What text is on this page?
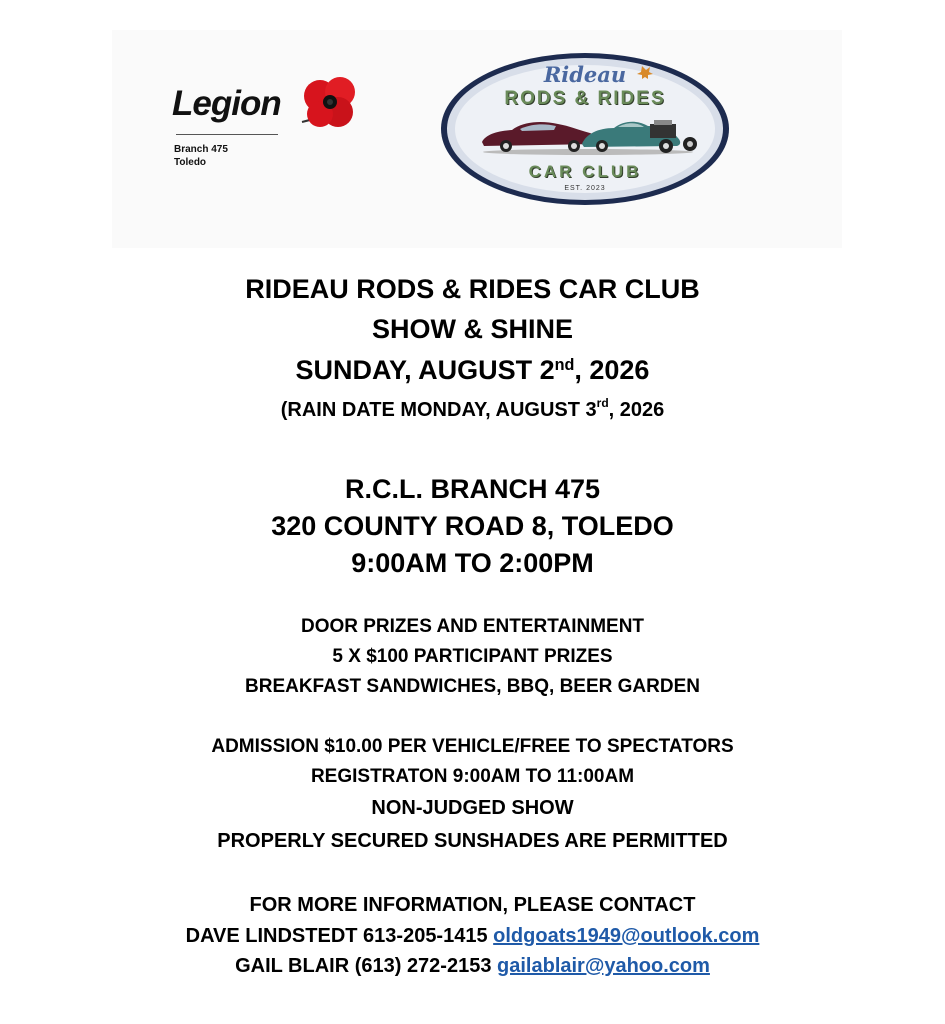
Legion
Branch 475
Toledo
Rideau
RODS & RIDES
CAR CLUB
EST. 2023
RIDEAU RODS & RIDES CAR CLUB
SHOW & SHINE
SUNDAY, AUGUST 2nd, 2026
(RAIN DATE MONDAY, AUGUST 3rd, 2026
R.C.L. BRANCH 475
320 COUNTY ROAD 8, TOLEDO
9:00AM TO 2:00PM
DOOR PRIZES AND ENTERTAINMENT
5 X $100 PARTICIPANT PRIZES
BREAKFAST SANDWICHES, BBQ, BEER GARDEN
ADMISSION $10.00 PER VEHICLE/FREE TO SPECTATORS
REGISTRATON 9:00AM TO 11:00AM
NON-JUDGED SHOW
PROPERLY SECURED SUNSHADES ARE PERMITTED
FOR MORE INFORMATION, PLEASE CONTACT
DAVE LINDSTEDT 613-205-1415 oldgoats1949@outlook.com
GAIL BLAIR (613) 272-2153 gailablair@yahoo.com
